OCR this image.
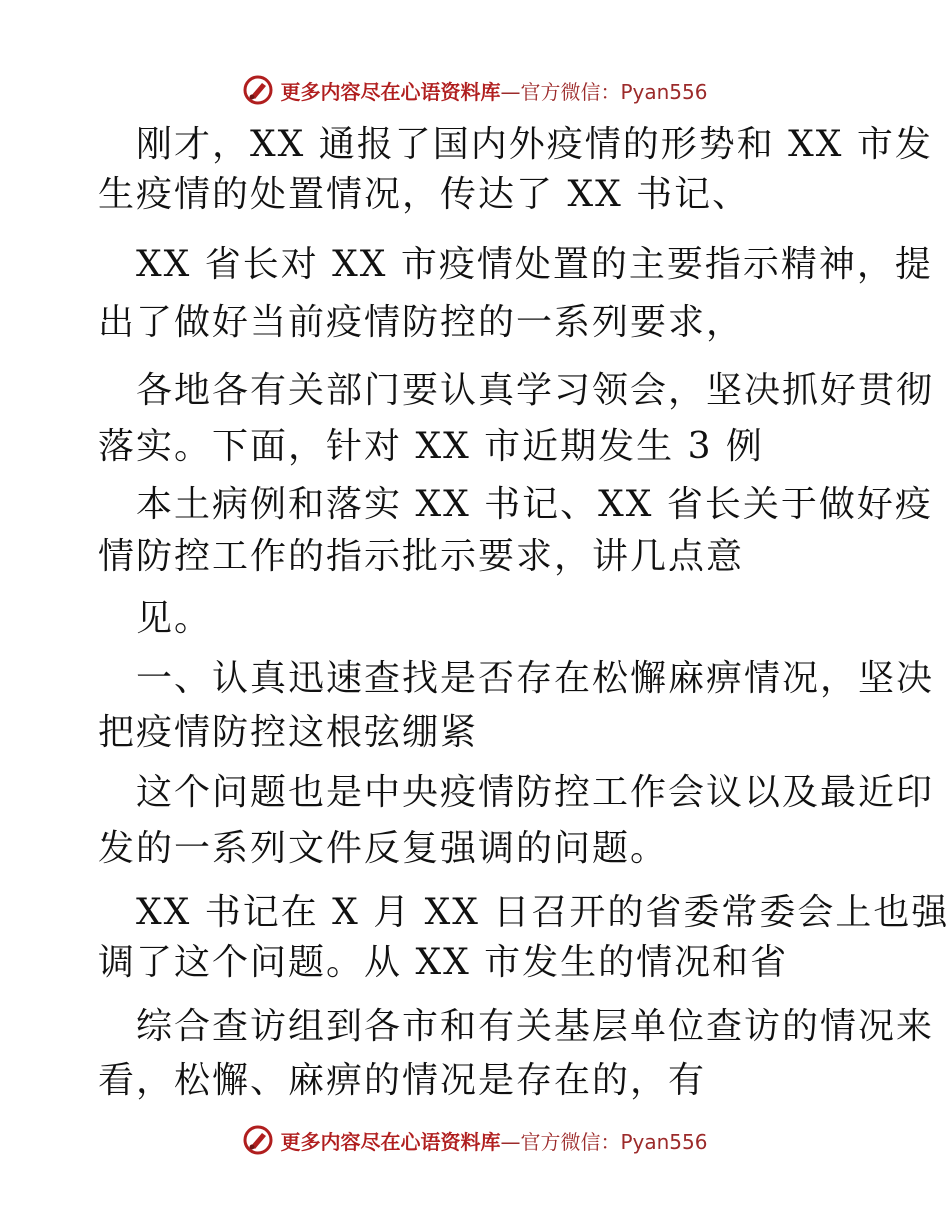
更多内容尽在心语资料库—官方微信：Pyan556
刚才，XX 通报了国内外疫情的形势和 XX 市发
生疫情的处置情况，传达了 XX 书记、
XX 省长对 XX 市疫情处置的主要指示精神，提
出了做好当前疫情防控的一系列要求，
各地各有关部门要认真学习领会，坚决抓好贯彻
落实。下面，针对 XX 市近期发生 3 例
本土病例和落实 XX 书记、XX 省长关于做好疫
情防控工作的指示批示要求，讲几点意
见。
一、认真迅速查找是否存在松懈麻痹情况，坚决
把疫情防控这根弦绷紧
这个问题也是中央疫情防控工作会议以及最近印
发的一系列文件反复强调的问题。
XX 书记在 X 月 XX 日召开的省委常委会上也强
调了这个问题。从 XX 市发生的情况和省
综合查访组到各市和有关基层单位查访的情况来
看，松懈、麻痹的情况是存在的，有
更多内容尽在心语资料库—官方微信：Pyan556
